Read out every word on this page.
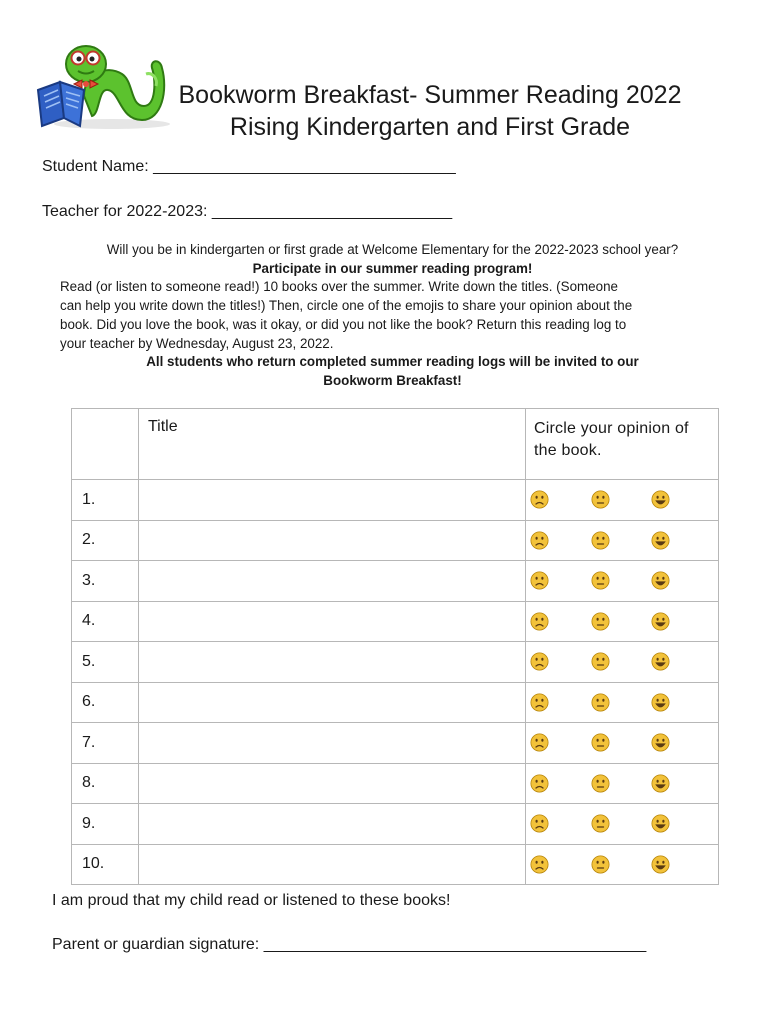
Bookworm Breakfast- Summer Reading 2022
Rising Kindergarten and First Grade
Student Name: __________________________________
Teacher for 2022-2023: ___________________________

Will you be in kindergarten or first grade at Welcome Elementary for the 2022-2023 school year?

Participate in our summer reading program!

Read (or listen to someone read!) 10 books over the summer. Write down the titles. (Someone

can help you write down the titles!) Then, circle one of the emojis to share your opinion about the

book. Did you love the book, was it okay, or did you not like the book? Return this reading log to

your teacher by Wednesday, August 23, 2022.

All students who return completed summer reading logs will be invited to our

Bookworm Breakfast!

	Title	Circle your opinion of the book.
1.		

2.		

3.		

4.		

5.		

6.		

7.		

8.		

9.		

10.		
I am proud that my child read or listened to these books!
Parent or guardian signature: ___________________________________________
